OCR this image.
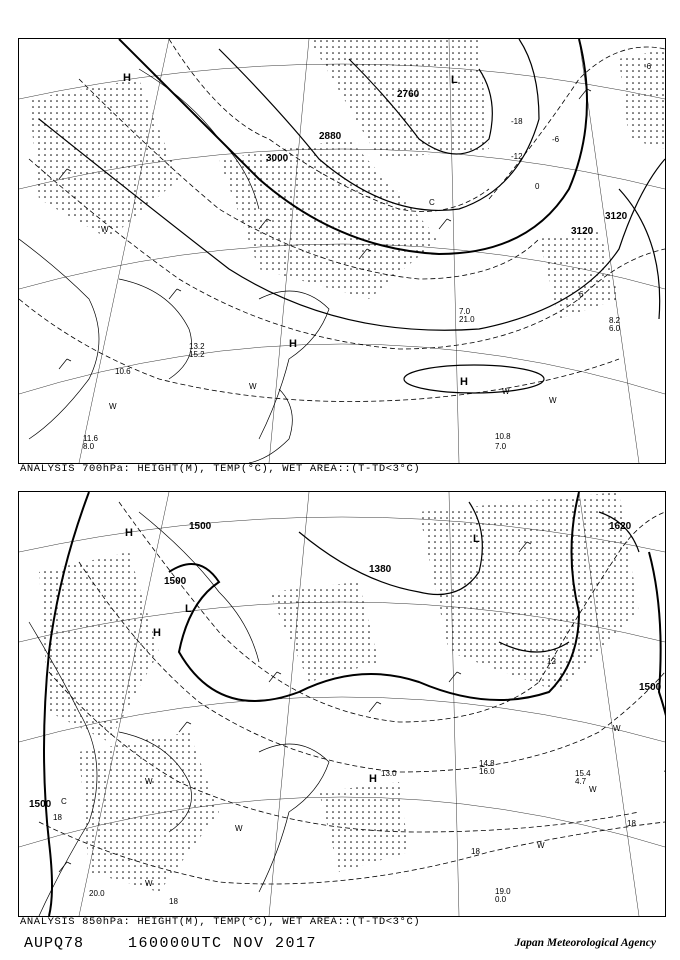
2760
2880
3000
3120
3120
-18
-12
-6
0
6
-6
H
H
H
L
C
W
W
W
W
W
10.8
7.0
8.2
6.0
7.0
21.0
11.6
8.0
10.6
13.2
15.2
ANALYSIS 700hPa: HEIGHT(M), TEMP(°C), WET AREA::(T-TD<3°C)
1500
1500
1500
1500
1620
1380
18
18
18
12
18
H
H
H
L
L
C
W
W
W
W
W
W
19.0
0.0
20.0
15.4
4.7
14.8
16.0
13.0
ANALYSIS 850hPa: HEIGHT(M), TEMP(°C), WET AREA::(T-TD<3°C)
AUPQ78	160000UTC NOV 2017	Japan Meteorological Agency
